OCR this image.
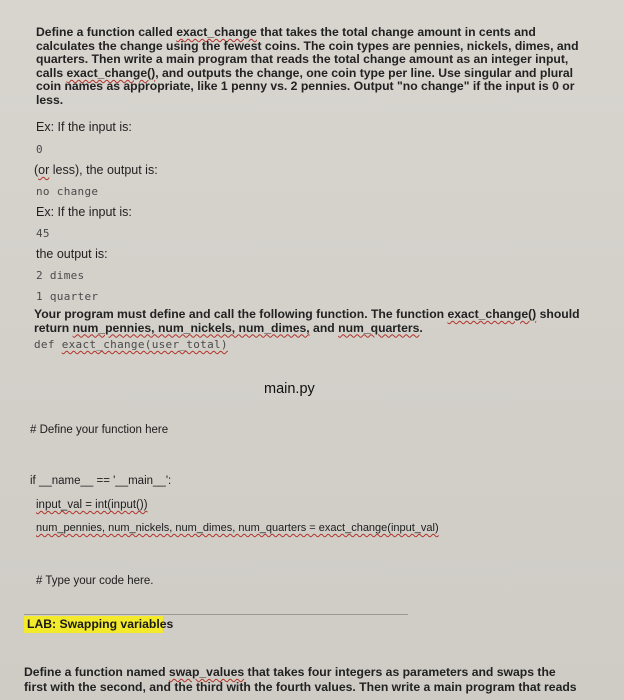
Define a function called exact_change that takes the total change amount in cents and
calculates the change using the fewest coins. The coin types are pennies, nickels, dimes, and
quarters. Then write a main program that reads the total change amount as an integer input,
calls exact_change(), and outputs the change, one coin type per line. Use singular and plural
coin names as appropriate, like 1 penny vs. 2 pennies. Output "no change" if the input is 0 or
less.
Ex: If the input is:
0
(or less), the output is:
no change
Ex: If the input is:
45
the output is:
2 dimes
1 quarter
Your program must define and call the following function. The function exact_change() should
return num_pennies, num_nickels, num_dimes, and num_quarters.
def exact_change(user_total)
main.py
# Define your function here
if __name__ == '__main__':
input_val = int(input())
num_pennies, num_nickels, num_dimes, num_quarters = exact_change(input_val)
# Type your code here.
LAB: Swapping variables
Define a function named swap_values that takes four integers as parameters and swaps the
first with the second, and the third with the fourth values. Then write a main program that reads
